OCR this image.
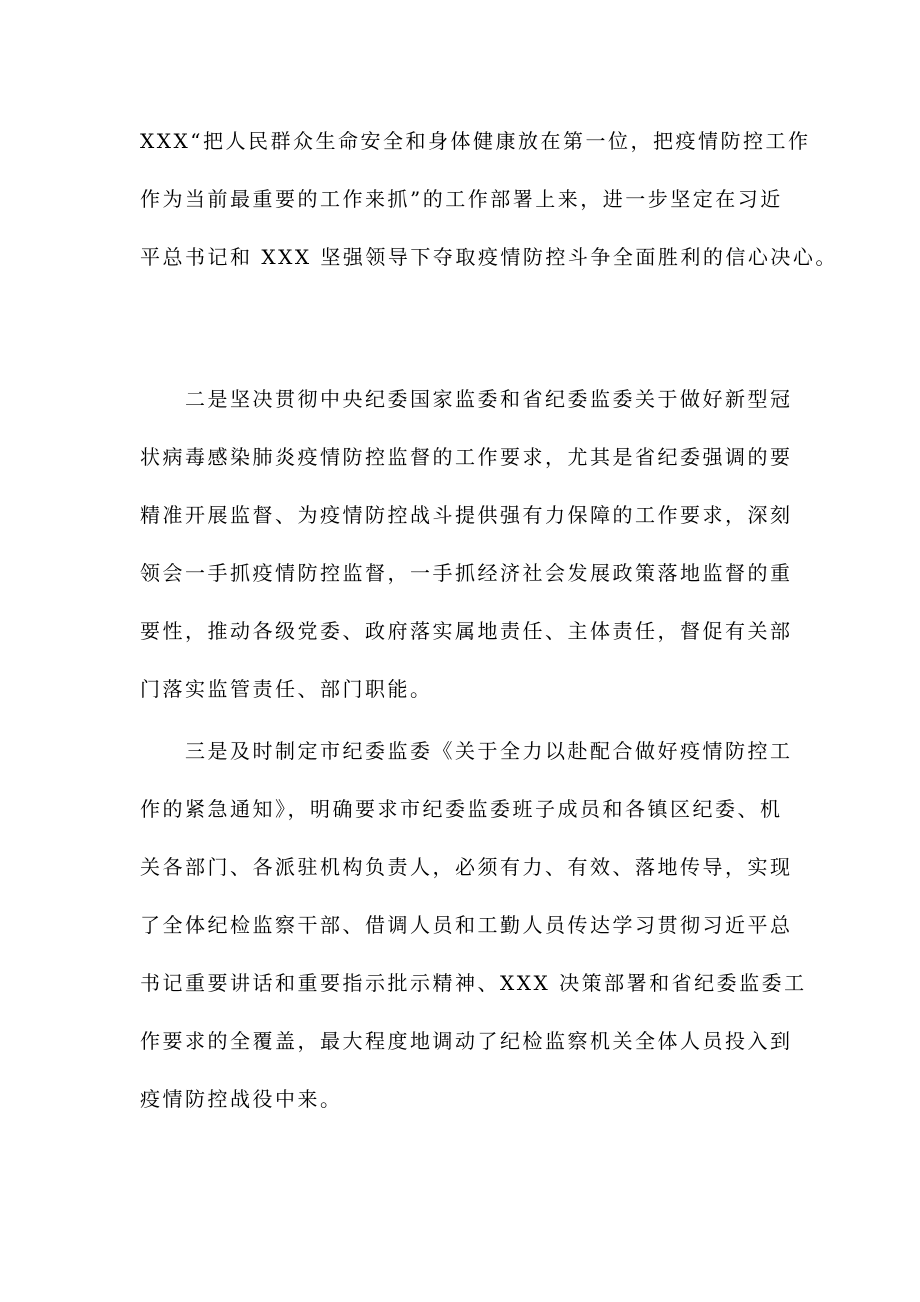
XXX“把人民群众生命安全和身体健康放在第一位，把疫情防控工作
作为当前最重要的工作来抓”的工作部署上来，进一步坚定在习近
平总书记和 XXX 坚强领导下夺取疫情防控斗争全面胜利的信心决心。

　　二是坚决贯彻中央纪委国家监委和省纪委监委关于做好新型冠
状病毒感染肺炎疫情防控监督的工作要求，尤其是省纪委强调的要
精准开展监督、为疫情防控战斗提供强有力保障的工作要求，深刻
领会一手抓疫情防控监督，一手抓经济社会发展政策落地监督的重
要性，推动各级党委、政府落实属地责任、主体责任，督促有关部
门落实监管责任、部门职能。

　　三是及时制定市纪委监委《关于全力以赴配合做好疫情防控工
作的紧急通知》，明确要求市纪委监委班子成员和各镇区纪委、机
关各部门、各派驻机构负责人，必须有力、有效、落地传导，实现
了全体纪检监察干部、借调人员和工勤人员传达学习贯彻习近平总
书记重要讲话和重要指示批示精神、XXX 决策部署和省纪委监委工
作要求的全覆盖，最大程度地调动了纪检监察机关全体人员投入到
疫情防控战役中来。
